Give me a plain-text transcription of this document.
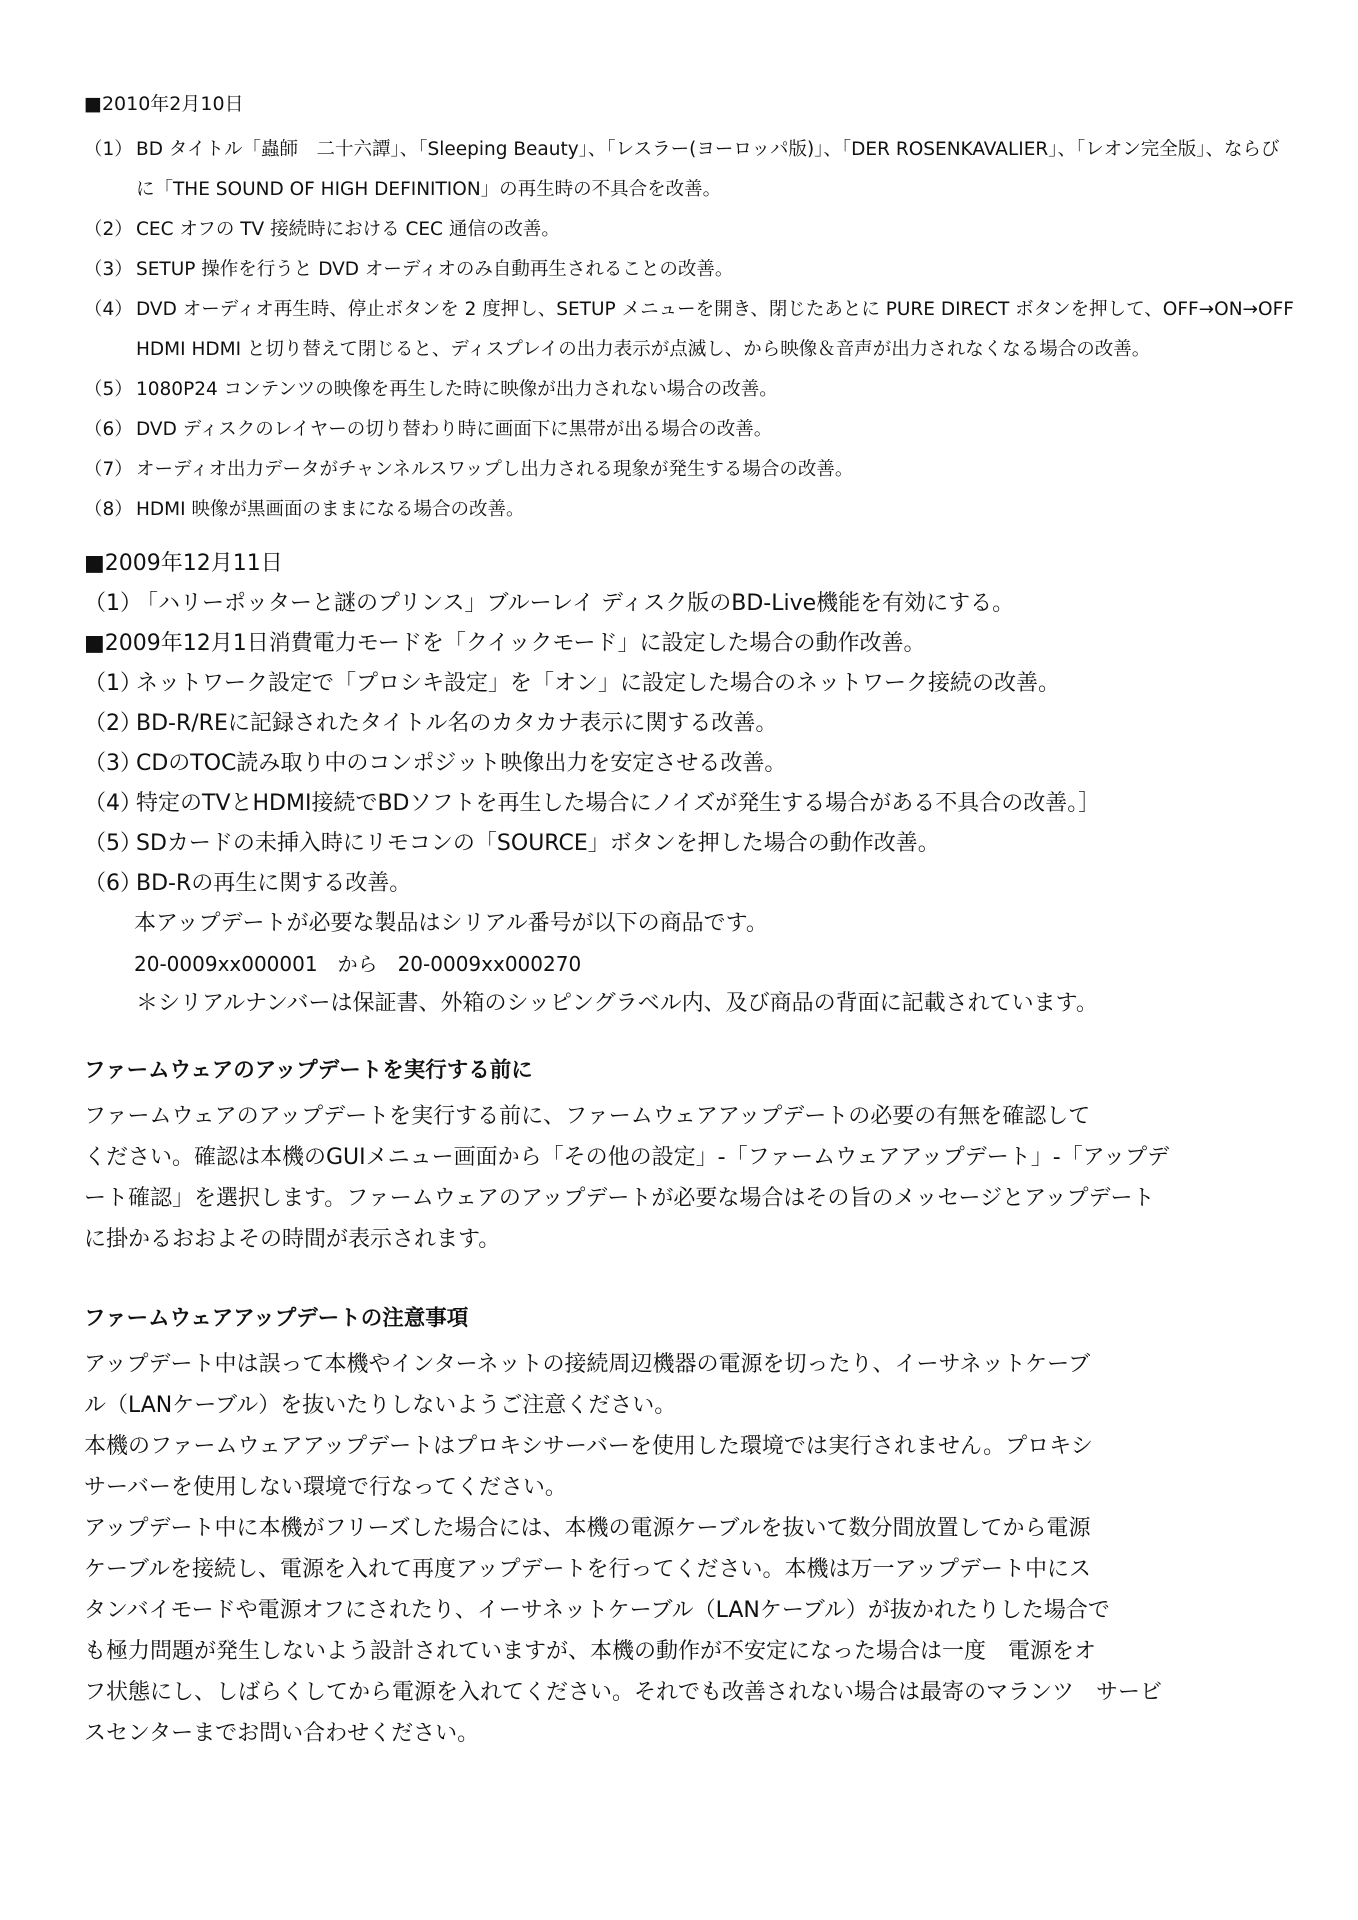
■2010年2月10日
（1） BD タイトル「蟲師　二十六譚」、「Sleeping Beauty」、「レスラー(ヨーロッパ版)」、「DER ROSENKAVALIER」、「レオン完全版」、ならびに「THE SOUND OF HIGH DEFINITION」の再生時の不具合を改善。
（2） CEC オフの TV 接続時における CEC 通信の改善。
（3） SETUP 操作を行うと DVD オーディオのみ自動再生されることの改善。
（4） DVD オーディオ再生時、停止ボタンを 2 度押し、SETUP メニューを開き、閉じたあとに PURE DIRECT ボタンを押して、OFF→ON→OFF HDMI HDMI と切り替えて閉じると、ディスプレイの出力表示が点滅し、から映像＆音声が出力されなくなる場合の改善。
（5） 1080P24 コンテンツの映像を再生した時に映像が出力されない場合の改善。
（6） DVD ディスクのレイヤーの切り替わり時に画面下に黒帯が出る場合の改善。
（7） オーディオ出力データがチャンネルスワップし出力される現象が発生する場合の改善。
（8） HDMI 映像が黒画面のままになる場合の改善。
■2009年12月11日
（1）
「ハリーポッターと謎のプリンス」ブルーレイ ディスク版のBD-Live機能を有効にする。
■2009年12月1日消費電力モードを「クイックモード」に設定した場合の動作改善。
（1）
ネットワーク設定で「プロシキ設定」を「オン」に設定した場合のネットワーク接続の改善。
（2）
BD-R/REに記録されたタイトル名のカタカナ表示に関する改善。
（3）
CDのTOC読み取り中のコンポジット映像出力を安定させる改善。
（4）
特定のTVとHDMI接続でBDソフトを再生した場合にノイズが発生する場合がある不具合の改善。］
（5）
SDカードの未挿入時にリモコンの「SOURCE」ボタンを押した場合の動作改善。
（6）
BD-Rの再生に関する改善。
本アップデートが必要な製品はシリアル番号が以下の商品です。
20-0009xx000001　から　20-0009xx000270
＊シリアルナンバーは保証書、外箱のシッピングラベル内、及び商品の背面に記載されています。
ファームウェアのアップデートを実行する前に
ファームウェアのアップデートを実行する前に、ファームウェアアップデートの必要の有無を確認して
ください。確認は本機のGUIメニュー画面から「その他の設定」-「ファームウェアアップデート」-「アップデ
ート確認」を選択します。ファームウェアのアップデートが必要な場合はその旨のメッセージとアップデート
に掛かるおおよその時間が表示されます。
ファームウェアアップデートの注意事項
アップデート中は誤って本機やインターネットの接続周辺機器の電源を切ったり、イーサネットケーブ
ル（LANケーブル）を抜いたりしないようご注意ください。
本機のファームウェアアップデートはプロキシサーバーを使用した環境では実行されません。プロキシ
サーバーを使用しない環境で行なってください。
アップデート中に本機がフリーズした場合には、本機の電源ケーブルを抜いて数分間放置してから電源
ケーブルを接続し、電源を入れて再度アップデートを行ってください。本機は万一アップデート中にス
タンバイモードや電源オフにされたり、イーサネットケーブル（LANケーブル）が抜かれたりした場合で
も極力問題が発生しないよう設計されていますが、本機の動作が不安定になった場合は一度　電源をオ
フ状態にし、しばらくしてから電源を入れてください。それでも改善されない場合は最寄のマランツ　サービ
スセンターまでお問い合わせください。
